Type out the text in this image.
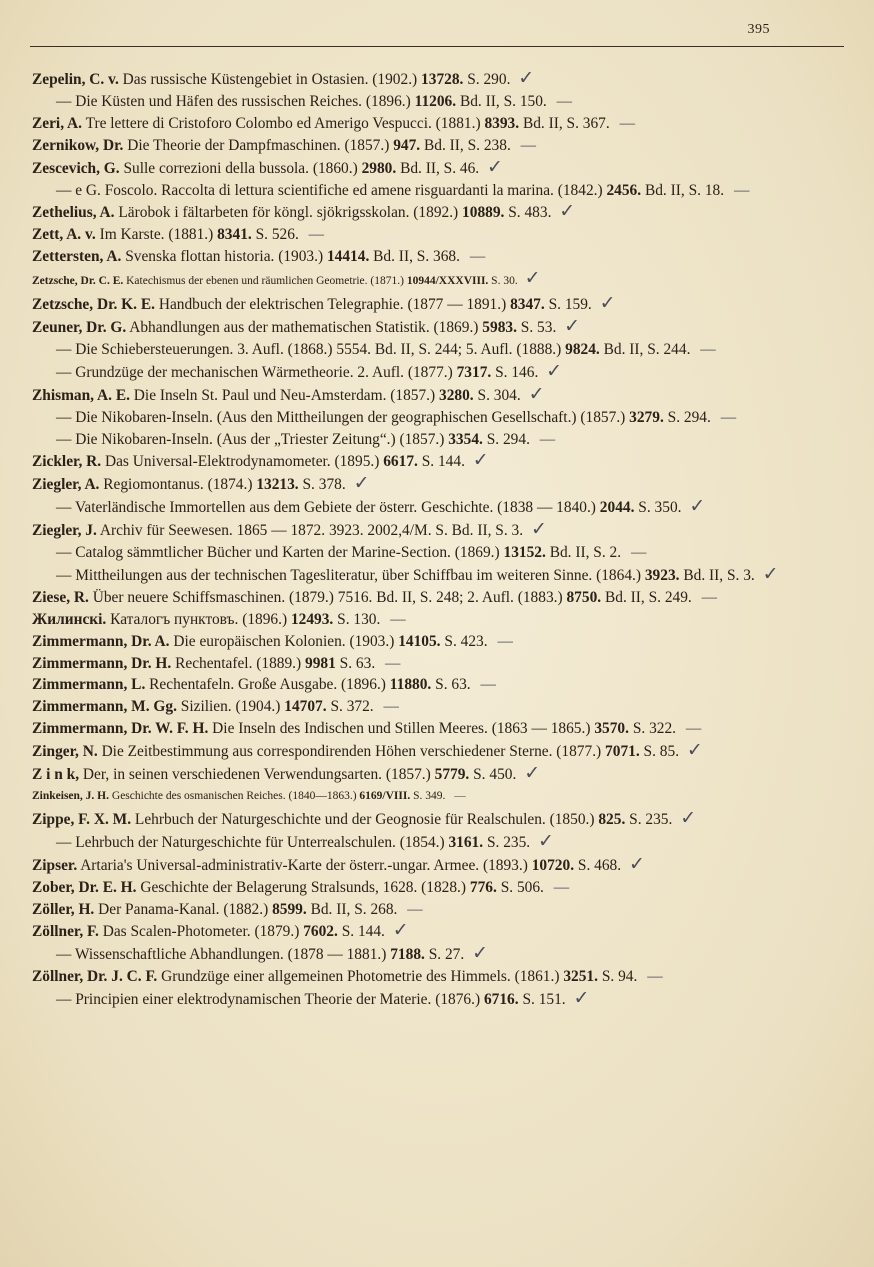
395

Zepelin, C. v. Das russische Küstengebiet in Ostasien. (1902.) 13728. S. 290. ✓

— Die Küsten und Häfen des russischen Reiches. (1896.) 11206. Bd. II, S. 150. —

Zeri, A. Tre lettere di Cristoforo Colombo ed Amerigo Vespucci. (1881.) 8393. Bd. II, S. 367. —

Zernikow, Dr. Die Theorie der Dampfmaschinen. (1857.) 947. Bd. II, S. 238. —

Zescevich, G. Sulle correzioni della bussola. (1860.) 2980. Bd. II, S. 46. ✓

— e G. Foscolo. Raccolta di lettura scientifiche ed amene risguardanti la marina. (1842.) 2456. Bd. II, S. 18. —

Zethelius, A. Lärobok i fältarbeten för köngl. sjökrigsskolan. (1892.) 10889. S. 483. ✓

Zett, A. v. Im Karste. (1881.) 8341. S. 526. —

Zettersten, A. Svenska flottan historia. (1903.) 14414. Bd. II, S. 368. —

Zetzsche, Dr. C. E. Katechismus der ebenen und räumlichen Geometrie. (1871.) 10944/XXXVIII. S. 30. ✓

Zetzsche, Dr. K. E. Handbuch der elektrischen Telegraphie. (1877 — 1891.) 8347. S. 159. ✓

Zeuner, Dr. G. Abhandlungen aus der mathematischen Statistik. (1869.) 5983. S. 53. ✓

— Die Schiebersteuerungen. 3. Aufl. (1868.) 5554. Bd. II, S. 244; 5. Aufl. (1888.) 9824. Bd. II, S. 244. —

— Grundzüge der mechanischen Wärmetheorie. 2. Aufl. (1877.) 7317. S. 146. ✓

Zhisman, A. E. Die Inseln St. Paul und Neu-Amsterdam. (1857.) 3280. S. 304. ✓

— Die Nikobaren-Inseln. (Aus den Mittheilungen der geographischen Gesellschaft.) (1857.) 3279. S. 294. —

— Die Nikobaren-Inseln. (Aus der „Triester Zeitung“.) (1857.) 3354. S. 294. —

Zickler, R. Das Universal-Elektrodynamometer. (1895.) 6617. S. 144. ✓

Ziegler, A. Regiomontanus. (1874.) 13213. S. 378. ✓

— Vaterländische Immortellen aus dem Gebiete der österr. Geschichte. (1838 — 1840.) 2044. S. 350. ✓

Ziegler, J. Archiv für Seewesen. 1865 — 1872. 3923. 2002,4/M. S. Bd. II, S. 3. ✓

— Catalog sämmtlicher Bücher und Karten der Marine-Section. (1869.) 13152. Bd. II, S. 2. —

— Mittheilungen aus der technischen Tagesliteratur, über Schiffbau im weiteren Sinne. (1864.) 3923. Bd. II, S. 3. ✓

Ziese, R. Über neuere Schiffsmaschinen. (1879.) 7516. Bd. II, S. 248; 2. Aufl. (1883.) 8750. Bd. II, S. 249. —

Жилинскi. Каталогъ пунктовъ. (1896.) 12493. S. 130. —

Zimmermann, Dr. A. Die europäischen Kolonien. (1903.) 14105. S. 423. —

Zimmermann, Dr. H. Rechentafel. (1889.) 9981 S. 63. —

Zimmermann, L. Rechentafeln. Große Ausgabe. (1896.) 11880. S. 63. —

Zimmermann, M. Gg. Sizilien. (1904.) 14707. S. 372. —

Zimmermann, Dr. W. F. H. Die Inseln des Indischen und Stillen Meeres. (1863 — 1865.) 3570. S. 322. —

Zinger, N. Die Zeitbestimmung aus correspondirenden Höhen verschiedener Sterne. (1877.) 7071. S. 85. ✓

Z i n k, Der, in seinen verschiedenen Verwendungsarten. (1857.) 5779. S. 450. ✓

Zinkeisen, J. H. Geschichte des osmanischen Reiches. (1840—1863.) 6169/VIII. S. 349. —

Zippe, F. X. M. Lehrbuch der Naturgeschichte und der Geognosie für Realschulen. (1850.) 825. S. 235. ✓

— Lehrbuch der Naturgeschichte für Unterrealschulen. (1854.) 3161. S. 235. ✓

Zipser. Artaria's Universal-administrativ-Karte der österr.-ungar. Armee. (1893.) 10720. S. 468. ✓

Zober, Dr. E. H. Geschichte der Belagerung Stralsunds, 1628. (1828.) 776. S. 506. —

Zöller, H. Der Panama-Kanal. (1882.) 8599. Bd. II, S. 268. —

Zöllner, F. Das Scalen-Photometer. (1879.) 7602. S. 144. ✓

— Wissenschaftliche Abhandlungen. (1878 — 1881.) 7188. S. 27. ✓

Zöllner, Dr. J. C. F. Grundzüge einer allgemeinen Photometrie des Himmels. (1861.) 3251. S. 94. —

— Principien einer elektrodynamischen Theorie der Materie. (1876.) 6716. S. 151. ✓
